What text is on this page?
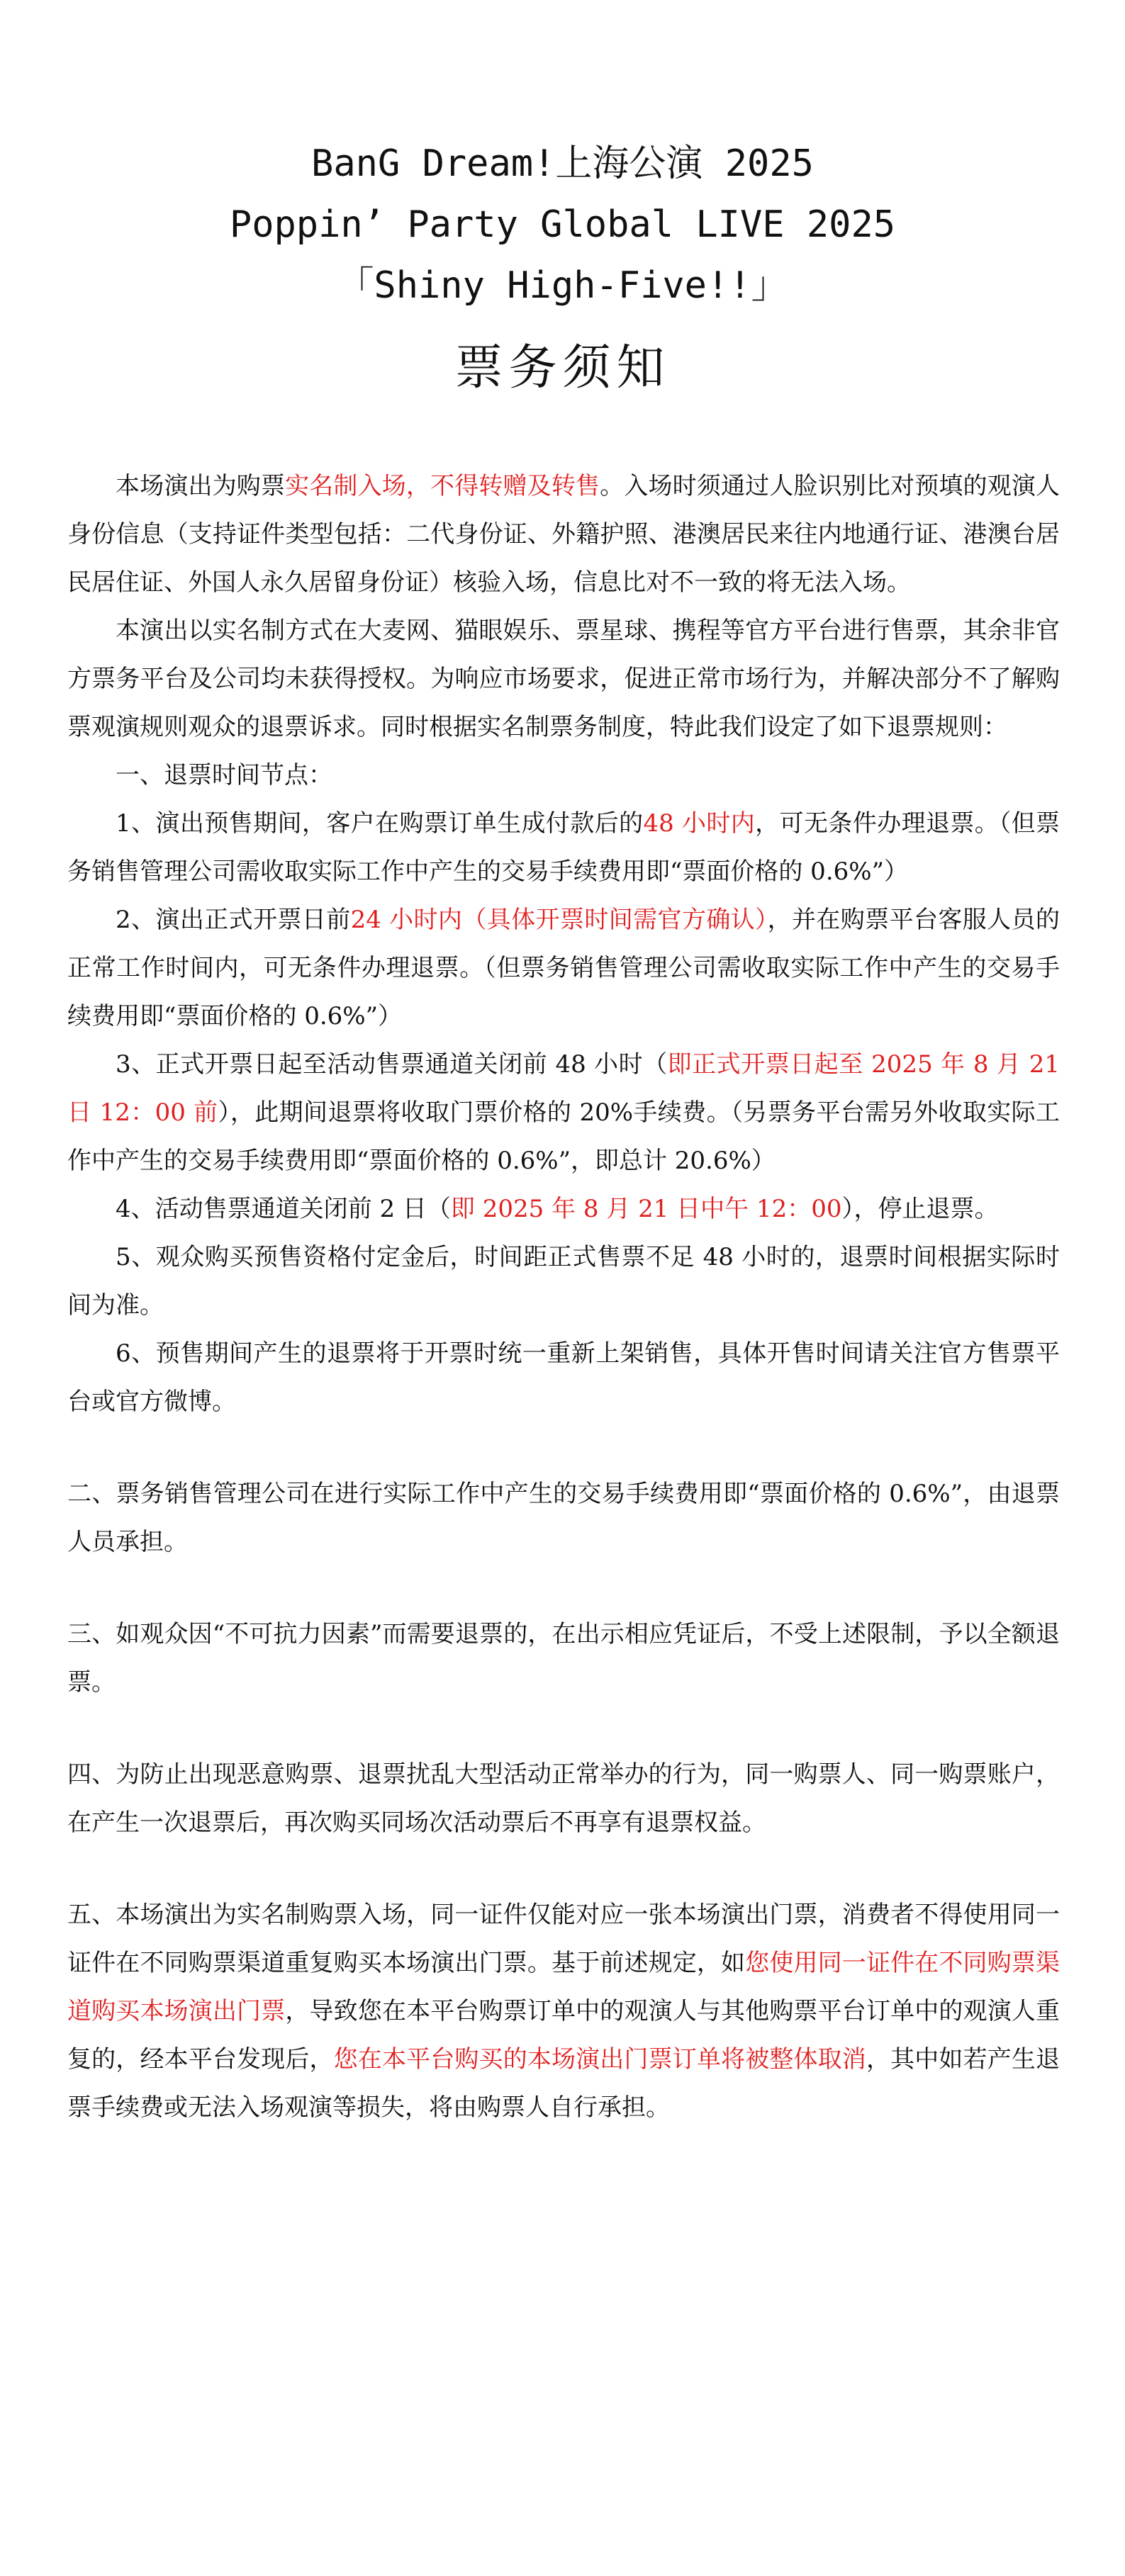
BanG Dream!上海公演 2025
Poppin’ Party Global LIVE 2025
「Shiny High-Five!!」
票务须知

本场演出为购票实名制入场，不得转赠及转售。入场时须通过人脸识别比对预填的观演人身份信息（支持证件类型包括：二代身份证、外籍护照、港澳居民来往内地通行证、港澳台居民居住证、外国人永久居留身份证）核验入场，信息比对不一致的将无法入场。

本演出以实名制方式在大麦网、猫眼娱乐、票星球、携程等官方平台进行售票，其余非官方票务平台及公司均未获得授权。为响应市场要求，促进正常市场行为，并解决部分不了解购票观演规则观众的退票诉求。同时根据实名制票务制度，特此我们设定了如下退票规则：

一、退票时间节点：

1、演出预售期间，客户在购票订单生成付款后的48 小时内，可无条件办理退票。（但票务销售管理公司需收取实际工作中产生的交易手续费用即“票面价格的 0.6%”）

2、演出正式开票日前24 小时内（具体开票时间需官方确认），并在购票平台客服人员的正常工作时间内，可无条件办理退票。（但票务销售管理公司需收取实际工作中产生的交易手续费用即“票面价格的 0.6%”）

3、正式开票日起至活动售票通道关闭前 48 小时（即正式开票日起至 2025 年 8 月 21 日 12：00 前），此期间退票将收取门票价格的 20%手续费。（另票务平台需另外收取实际工作中产生的交易手续费用即“票面价格的 0.6%”，即总计 20.6%）

4、活动售票通道关闭前 2 日（即 2025 年 8 月 21 日中午 12：00），停止退票。

5、观众购买预售资格付定金后，时间距正式售票不足 48 小时的，退票时间根据实际时间为准。

6、预售期间产生的退票将于开票时统一重新上架销售，具体开售时间请关注官方售票平台或官方微博。

二、票务销售管理公司在进行实际工作中产生的交易手续费用即“票面价格的 0.6%”，由退票人员承担。

三、如观众因“不可抗力因素”而需要退票的，在出示相应凭证后，不受上述限制，予以全额退票。

四、为防止出现恶意购票、退票扰乱大型活动正常举办的行为，同一购票人、同一购票账户，在产生一次退票后，再次购买同场次活动票后不再享有退票权益。

五、本场演出为实名制购票入场，同一证件仅能对应一张本场演出门票，消费者不得使用同一证件在不同购票渠道重复购买本场演出门票。基于前述规定，如您使用同一证件在不同购票渠道购买本场演出门票，导致您在本平台购票订单中的观演人与其他购票平台订单中的观演人重复的，经本平台发现后，您在本平台购买的本场演出门票订单将被整体取消，其中如若产生退票手续费或无法入场观演等损失，将由购票人自行承担。
